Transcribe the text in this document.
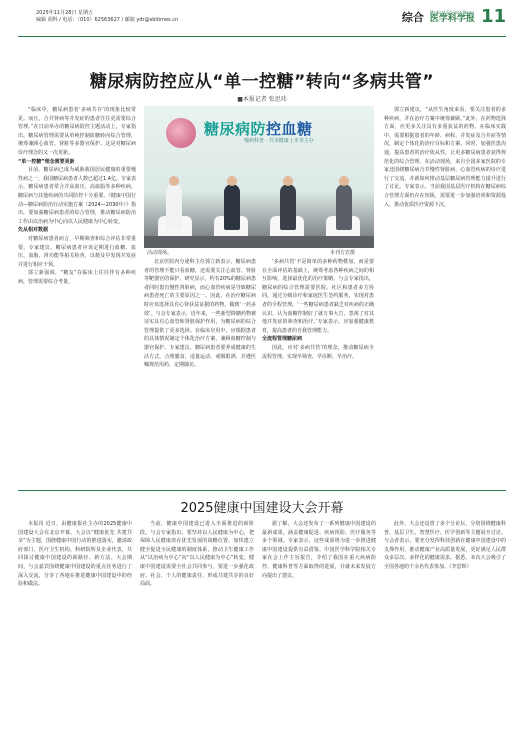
2025年11月28日 星期五
编辑 胡科 / 电话：（010）62563627 / 邮箱 ydr@sbitimes.cn	综合 Medical Science News
医学科学报 11
糖尿病防控应从“单一控糖”转向“多病共管”
■本报记者 张思玮
糖尿病防控血糖
慢病科普 · 共享健康 | 本刊主办
活动现场。	本刊方宾摄

“临床中，糖尿病患者‘多病共存’的现象比较常见。而且，合并肾病等并发症的患者往往更需要综合管理。”在日前举办的糖尿病防控主题活动上，专家指出，糖尿病管理需要从单纯控制血糖转向综合管理，统筹兼顾心血管、肾脏等多器官保护。这是对糖尿病诊疗理念的又一次更新。

“单一控糖”理念需要更新

目前，糖尿病已成为威胁我国居民健康的重要慢性病之一，我国糖尿病患者人数已超过1.4亿。专家表示，糖尿病患者常合并高血压、高血脂等多种疾病，糖尿病与其他疾病的共同防控十分重要。《健康中国行动—糖尿病防治行动实施方案（2024—2030年）》指出，要加强糖尿病患者的综合管理，推动糖尿病防治工作由以治病为中心向以人民健康为中心转变。

先从相对数据

对糖尿病患者而言，早期筛查和综合评估非常重要。专家建议，糖尿病患者应该定期进行血糖、血压、血脂、肾功能等相关检查，以便及早发现并发症并进行相应干预。

郭立新强调，“糖友”在临床上往往伴有多种疾病，管理需要综合考量。

北京医院内分泌科主任郭立新表示，糖尿病患者的管理不能只看血糖，还需要关注心血管、肾脏等靶器官的保护。研究显示，约有20%的糖尿病患者同时患有慢性肾脏病，而心血管疾病是导致糖尿病患者死亡的主要原因之一。因此，在治疗糖尿病时应该选择具有心肾获益证据的药物，做到‘一药多效’。与会专家表示，近年来，一些新型降糖药物被证实具有心血管和肾脏保护作用，为糖尿病的综合管理提供了更多选择。在临床应用中，应根据患者的具体情况制定个体化治疗方案，兼顾血糖控制与器官保护。专家建议，糖尿病患者要养成健康的生活方式，合理膳食、适量运动、戒烟限酒，并遵医嘱规范用药，定期随访。

‘多病共管’不是简单的多种药物叠加，而是要在全面评估的基础上，统筹考虑各种疾病之间的相互影响，选择最优化的治疗策略。与会专家指出，糖尿病的综合管理需要医院、社区和患者多方协同，通过分级诊疗和家庭医生签约服务，实现对患者的全程管理。‘一些糖尿病患者缺乏对疾病的正确认识，认为血糖控制好了就万事大吉，忽视了对其他并发症的筛查和治疗。’专家表示，应加强健康教育，提高患者的自我管理能力。

全流程管理糖尿病

因此，应对‘多病共管’的理念，推动糖尿病全流程管理，实现早筛查、早诊断、早治疗。

郭立新建议，“从医生角度来看，要关注患者的多种疾病，并在治疗方案中统筹兼顾。”此外，在药物选择方面，应更多关注具有多重获益的药物。在临床实践中，需要根据患者的年龄、病程、并发症及合并症等情况，制定个体化的治疗目标和方案。同时，加强医患沟通，提高患者的治疗依从性，让更多糖尿病患者获得规范化的综合管理。在活动现场，来自全国多家医院的专家还围绕糖尿病合并慢性肾脏病、心血管疾病的诊疗进行了交流，并就如何推动基层糖尿病管理能力提升进行了讨论。专家表示，当前我国基层医疗机构在糖尿病综合管理方面仍存在短板，需要进一步加强培训和资源投入，推动优质医疗资源下沉。

2025健康中国建设大会开幕

本报讯 近日，由健康报社主办的2025健康中国建设大会在北京开幕。大会以“健康优先 共建共享”为主题，围绕健康中国行动的推进落实，邀请政府部门、医疗卫生机构、科研院所及企业代表，共同探讨健康中国建设的新路径、新方法。大会期间，与会嘉宾围绕健康中国建设的重点任务进行了深入交流，分享了各地在推进健康中国建设中的经验和做法。

当前，健康中国建设已进入全面推进的新阶段。与会专家指出，要坚持以人民健康为中心，把保障人民健康放在优先发展的战略位置，加快建立健全促进全民健康的制度体系，推动卫生健康工作从“以治病为中心”向“以人民健康为中心”转变。健康中国建设需要全社会共同参与，要进一步强化政府、社会、个人的健康责任，形成共建共享的良好局面。

据了解，大会还发布了一系列健康中国建设的最新成果，涵盖健康促进、疾病预防、医疗服务等多个领域。专家表示，这些成果将为进一步推进健康中国建设提供有益借鉴。中国医学科学院相关专家在会上作主旨报告，介绍了我国在重大疾病防控、健康科普等方面取得的进展，并就未来发展方向提出了建议。

此外，大会还设置了多个分论坛，分别围绕健康科普、基层卫生、智慧医疗、医学创新等主题展开讨论。与会者表示，要充分发挥科技创新在健康中国建设中的支撑作用，推动健康产业高质量发展，更好满足人民群众多层次、多样化的健康需求。据悉，本次大会吸引了全国各地的千余名代表参加。（李思辉）
